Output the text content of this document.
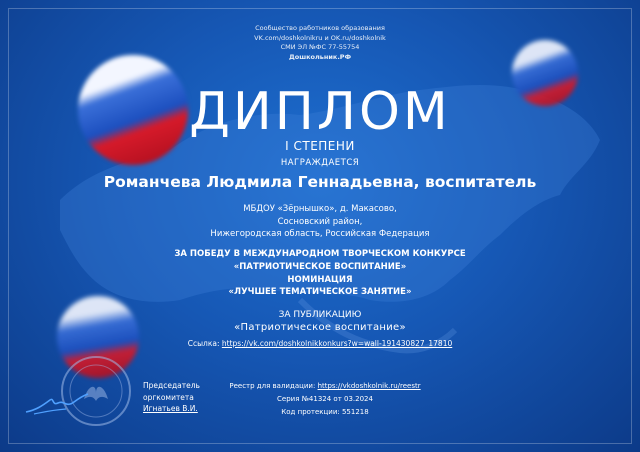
Сообщество работников образования
VK.com/doshkolnikru и OK.ru/doshkolnik
СМИ ЭЛ №ФС 77-55754
Дошкольник.РФ
ДИПЛОМ
I СТЕПЕНИ
НАГРАЖДАЕТСЯ
Романчева Людмила Геннадьевна, воспитатель
МБДОУ «Зёрнышко», д. Макасово,
Сосновский район,
Нижегородская область, Российская Федерация
ЗА ПОБЕДУ В МЕЖДУНАРОДНОМ ТВОРЧЕСКОМ КОНКУРСЕ
«ПАТРИОТИЧЕСКОЕ ВОСПИТАНИЕ»
НОМИНАЦИЯ
«ЛУЧШЕЕ ТЕМАТИЧЕСКОЕ ЗАНЯТИЕ»
ЗА ПУБЛИКАЦИЮ
«Патриотическое воспитание»
Ссылка: https://vk.com/doshkolnikkonkurs?w=wall-191430827_17810
Председатель
оргкомитета
Игнатьев В.И.
Реестр для валидации: https://vkdoshkolnik.ru/reestr
Серия №41324 от 03.2024
Код протекции: 551218
